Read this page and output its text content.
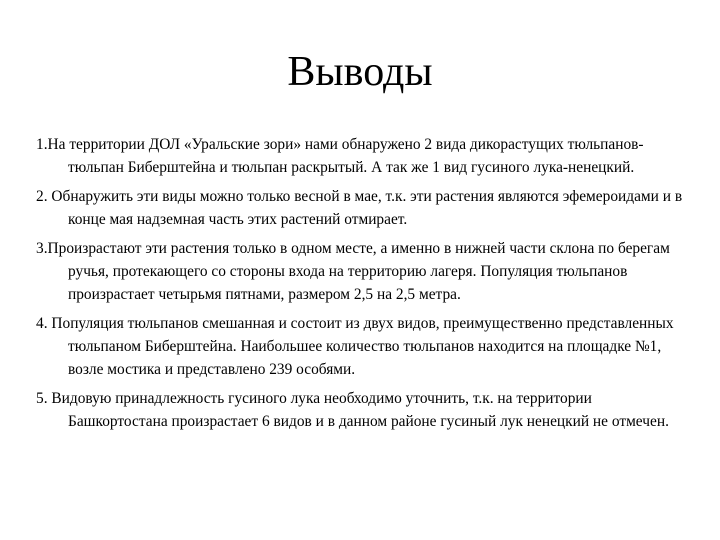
Выводы
1.На территории ДОЛ «Уральские зори» нами обнаружено 2 вида дикорастущих тюльпанов-тюльпан Биберштейна и тюльпан раскрытый. А так же 1 вид гусиного лука-ненецкий.
2. Обнаружить эти виды можно только весной в мае, т.к. эти растения являются эфемероидами и в конце мая надземная часть этих растений отмирает.
3.Произрастают эти растения только в одном месте, а именно в нижней части склона по берегам ручья, протекающего со стороны входа на территорию лагеря. Популяция тюльпанов произрастает четырьмя пятнами, размером 2,5 на 2,5 метра.
4. Популяция тюльпанов смешанная и состоит из двух видов, преимущественно представленных тюльпаном Биберштейна. Наибольшее количество тюльпанов находится на площадке №1, возле мостика и представлено 239 особями.
5. Видовую принадлежность гусиного лука необходимо уточнить, т.к. на территории Башкортостана произрастает 6 видов и в данном районе гусиный лук ненецкий не отмечен.
